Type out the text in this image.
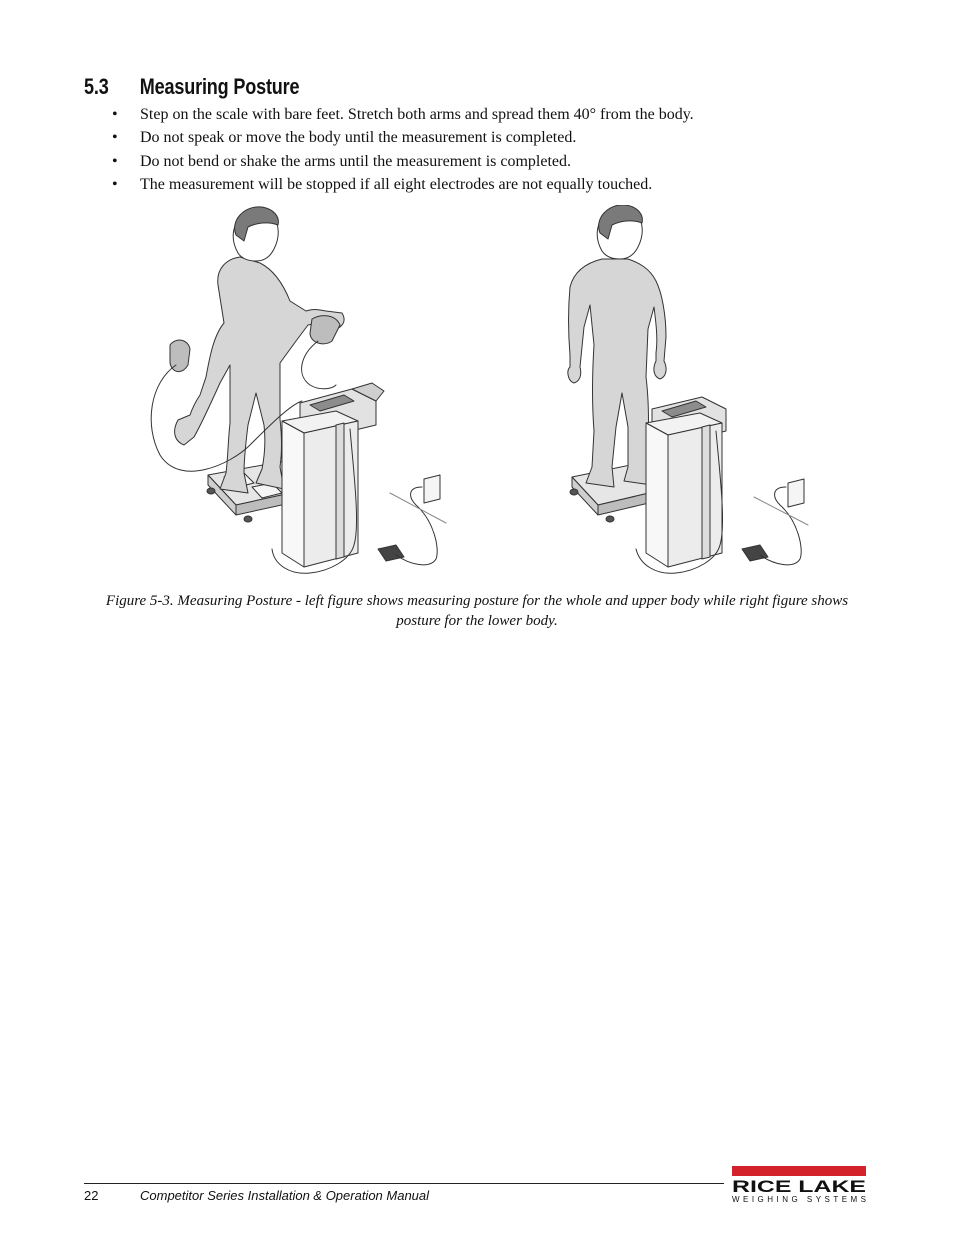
5.3 Measuring Posture
• Step on the scale with bare feet. Stretch both arms and spread them 40° from the body.
• Do not speak or move the body until the measurement is completed.
• Do not bend or shake the arms until the measurement is completed.
• The measurement will be stopped if all eight electrodes are not equally touched.
Figure 5-3. Measuring Posture - left figure shows measuring posture for the whole and upper body while right figure shows posture for the lower body.
22	Competitor Series Installation & Operation Manual	RICE LAKE
WEIGHING SYSTEMS
